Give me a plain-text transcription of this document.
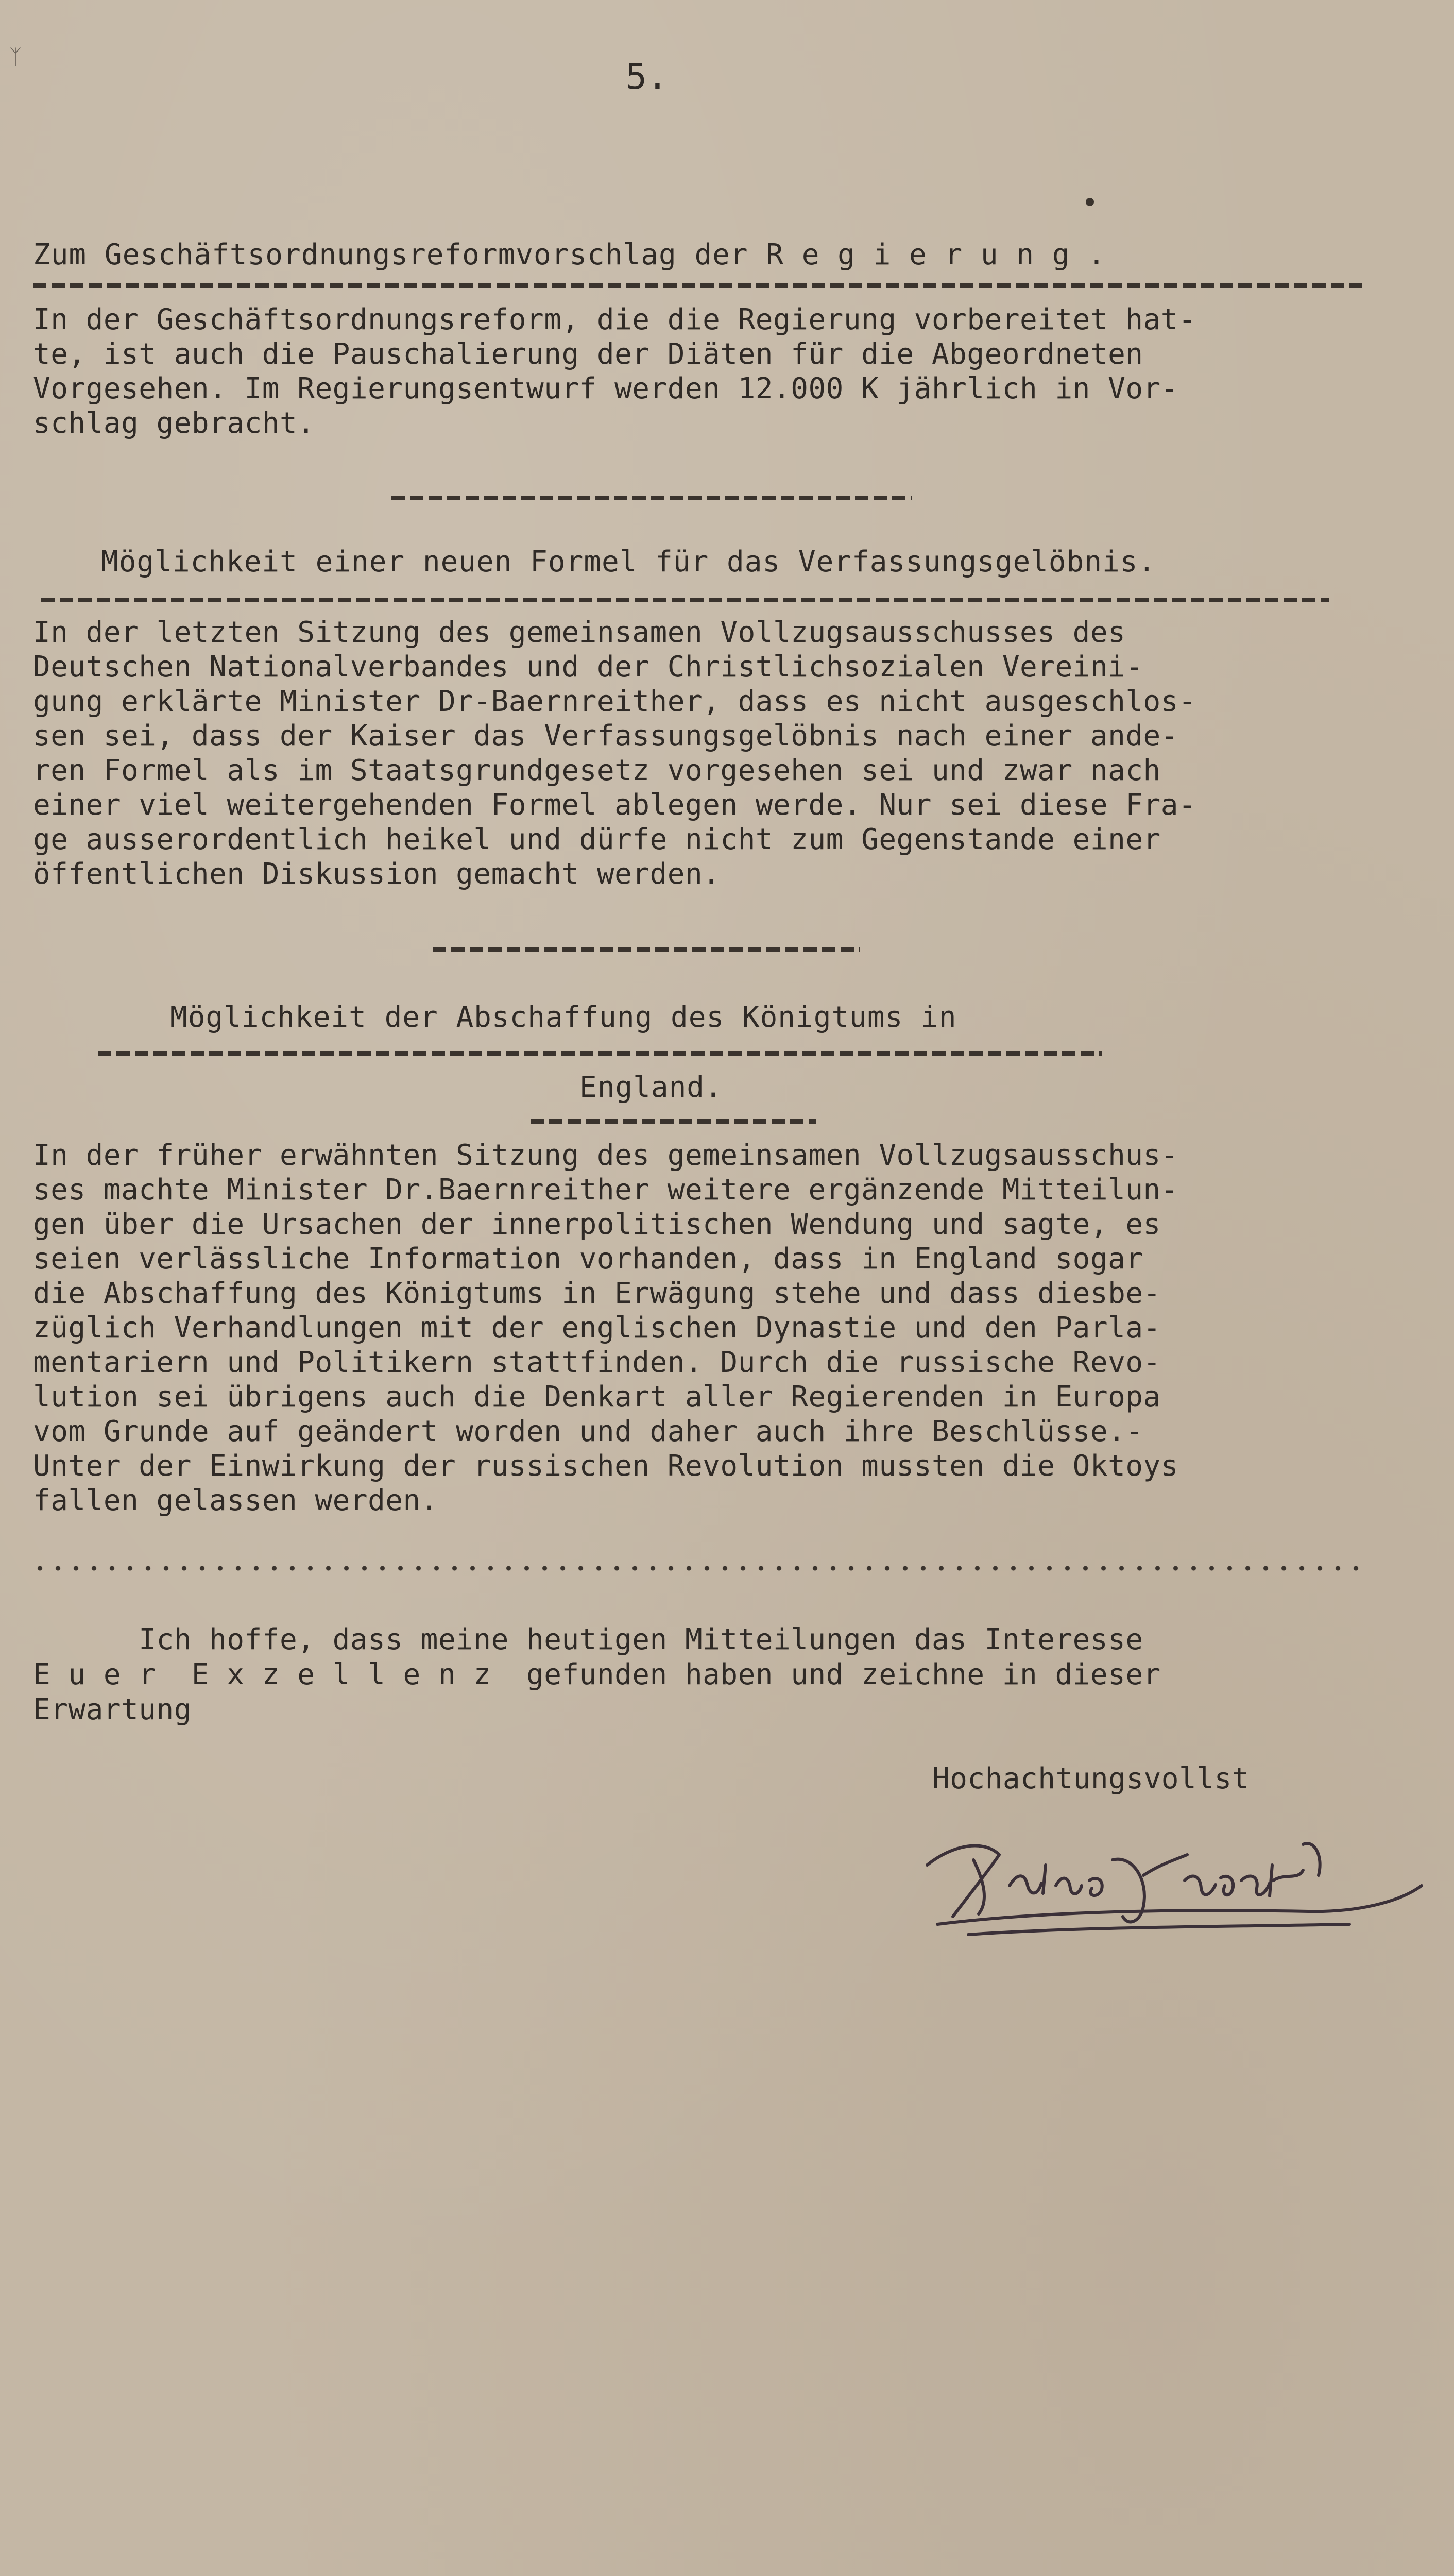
ᛉ	5.
Zum Geschäftsordnungsreformvorschlag der R e g i e r u n g .
In der Geschäftsordnungsreform, die die Regierung vorbereitet hat-
te, ist auch die Pauschalierung der Diäten für die Abgeordneten
Vorgesehen. Im Regierungsentwurf werden 12.000 K jährlich in Vor-
schlag gebracht.
Möglichkeit einer neuen Formel für das Verfassungsgelöbnis.
In der letzten Sitzung des gemeinsamen Vollzugsausschusses des
Deutschen Nationalverbandes und der Christlichsozialen Vereini-
gung erklärte Minister Dr-Baernreither, dass es nicht ausgeschlos-
sen sei, dass der Kaiser das Verfassungsgelöbnis nach einer ande-
ren Formel als im Staatsgrundgesetz vorgesehen sei und zwar nach
einer viel weitergehenden Formel ablegen werde. Nur sei diese Fra-
ge ausserordentlich heikel und dürfe nicht zum Gegenstande einer
öffentlichen Diskussion gemacht werden.
Möglichkeit der Abschaffung des Königtums in
England.
In der früher erwähnten Sitzung des gemeinsamen Vollzugsausschus-
ses machte Minister Dr.Baernreither weitere ergänzende Mitteilun-
gen über die Ursachen der innerpolitischen Wendung und sagte, es
seien verlässliche Information vorhanden, dass in England sogar
die Abschaffung des Königtums in Erwägung stehe und dass diesbe-
züglich Verhandlungen mit der englischen Dynastie und den Parla-
mentariern und Politikern stattfinden. Durch die russische Revo-
lution sei übrigens auch die Denkart aller Regierenden in Europa
vom Grunde auf geändert worden und daher auch ihre Beschlüsse.-
Unter der Einwirkung der russischen Revolution mussten die Oktoys
fallen gelassen werden.
Ich hoffe, dass meine heutigen Mitteilungen das Interesse
E u e r  E x z e l l e n z  gefunden haben und zeichne in dieser
Erwartung
Hochachtungsvollst
